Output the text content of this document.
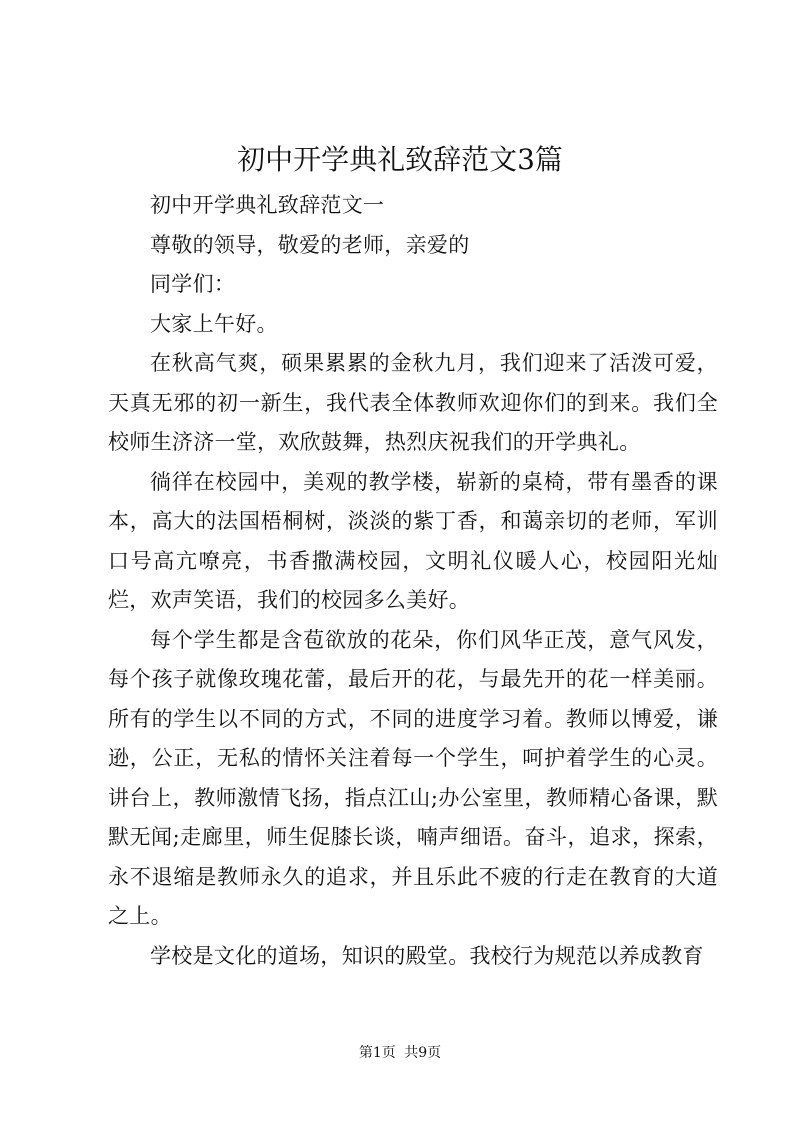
初中开学典礼致辞范文3篇

初中开学典礼致辞范文一

尊敬的领导，敬爱的老师，亲爱的

同学们：

大家上午好。

在秋高气爽，硕果累累的金秋九月，我们迎来了活泼可爱，天真无邪的初一新生，我代表全体教师欢迎你们的到来。我们全校师生济济一堂，欢欣鼓舞，热烈庆祝我们的开学典礼。

徜徉在校园中，美观的教学楼，崭新的桌椅，带有墨香的课本，高大的法国梧桐树，淡淡的紫丁香，和蔼亲切的老师，军训口号高亢嘹亮，书香撒满校园，文明礼仪暖人心，校园阳光灿烂，欢声笑语，我们的校园多么美好。

每个学生都是含苞欲放的花朵，你们风华正茂，意气风发，每个孩子就像玫瑰花蕾，最后开的花，与最先开的花一样美丽。所有的学生以不同的方式，不同的进度学习着。教师以博爱，谦逊，公正，无私的情怀关注着每一个学生，呵护着学生的心灵。讲台上，教师激情飞扬，指点江山;办公室里，教师精心备课，默默无闻;走廊里，师生促膝长谈，喃声细语。奋斗，追求，探索，永不退缩是教师永久的追求，并且乐此不疲的行走在教育的大道之上。

学校是文化的道场，知识的殿堂。我校行为规范以养成教育

第1页 共9页
